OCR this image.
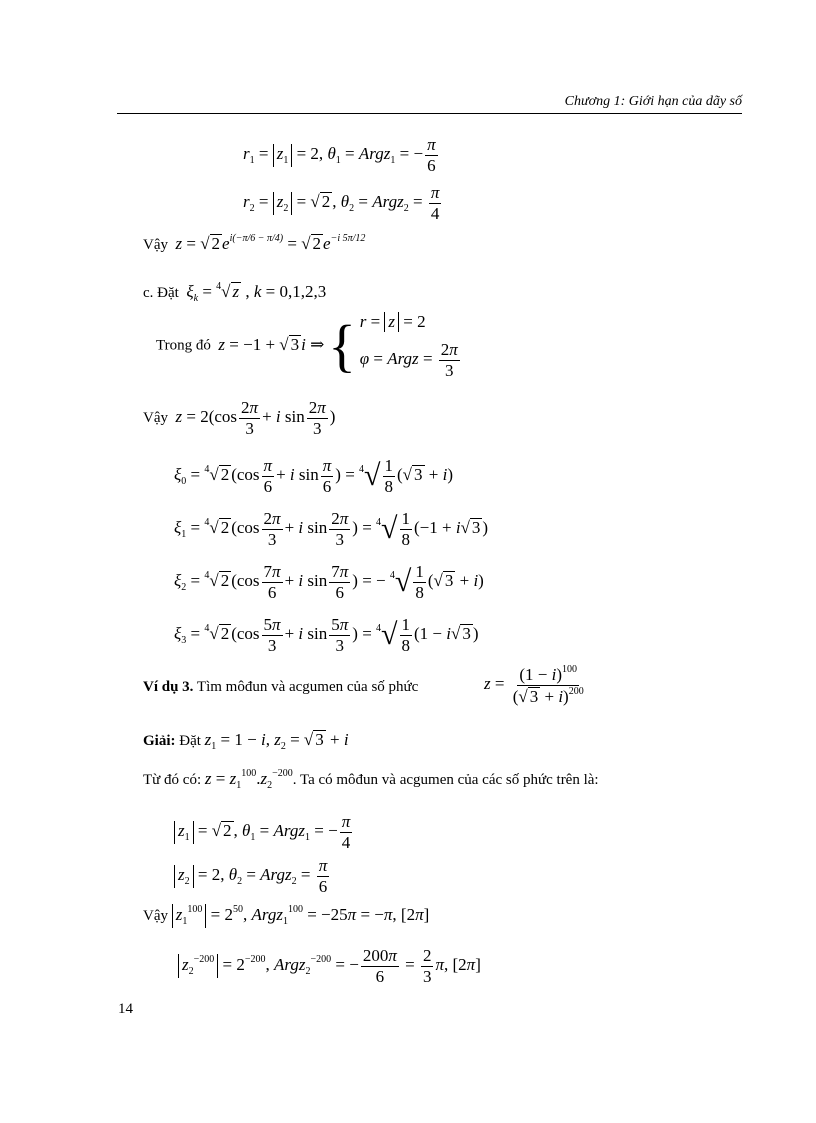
Chương 1: Giới hạn của dãy số
$r_1 = z_1 = 2$, $\theta_1$ = Argz$_1$ = − $\frac{\pi}{6}$
$r_2 = z_2$ = √ 2 , $\theta_2$ = Argz$_2$ = $\frac{\pi}{4}$
Vậy z = √ 2 $e^{i(-\pi/6 - \pi/4)}$ = √ 2 $e^{-i 5\pi/12}$
c. Đặt $\xi_k = ^4√$ z , k = 0,1,2,3
Trong đó z = −1 + √ 3 i ⇒ { r = z = 2
φ = Argz = $\frac{2\pi}{3}$
Vậy $z = 2(\cos \frac{2\pi}{3} + i$ $\sin \frac{2\pi}{3}$ )
$\xi_0 = ^4√$ 2 ($\cos \frac{\pi}{6} + i$ $\sin \frac{\pi}{6}$ ) = $^4√ \frac{1}{8}$ (√ 3 + i)
$\xi_1 = ^4√$ 2 ($\cos \frac{2\pi}{3} + i$ $\sin \frac{2\pi}{3}$ ) = $^4√ \frac{1}{8} (-1 + i√$ 3 )
$\xi_2 = ^4√$ 2 ($\cos \frac{7\pi}{6} + i$ $\sin \frac{7\pi}{6}$ ) = − $^4√ \frac{1}{8}$ (√ 3 + i)
$\xi_3 = ^4√$ 2 ($\cos \frac{5\pi}{3} + i$ $\sin \frac{5\pi}{3}$ ) = $^4√ \frac{1}{8} (1 - i√$ 3 )
Ví dụ 3. Tìm môđun và acgumen của số phức	$z = \frac{(1 - i)^{100}}{(√ 3 + i)^{200}}$
Giải: Đặt $z_1 = 1 - i$, $z_2$ = √ 3 + i
Từ đó có: $z = z_1^{100}.z_2^{-200}$. Ta có môđun và acgumen của các số phức trên là:
$z_1$ = √ 2 , $\theta_1$ = Argz$_1$ = − $\frac{\pi}{4}$
$z_2 = 2$, $\theta_2$ = Argz$_2$ = $\frac{\pi}{6}$
Vậy $z_1^{100} = 2^{50}$, Argz$_1^{100}$ = −25π = −π, [2π]
$z_2^{-200} = 2^{-200}$, Argz$_2^{-200}$ = − $\frac{200\pi}{6} = \frac{2}{3} \pi$, [2π]
14
